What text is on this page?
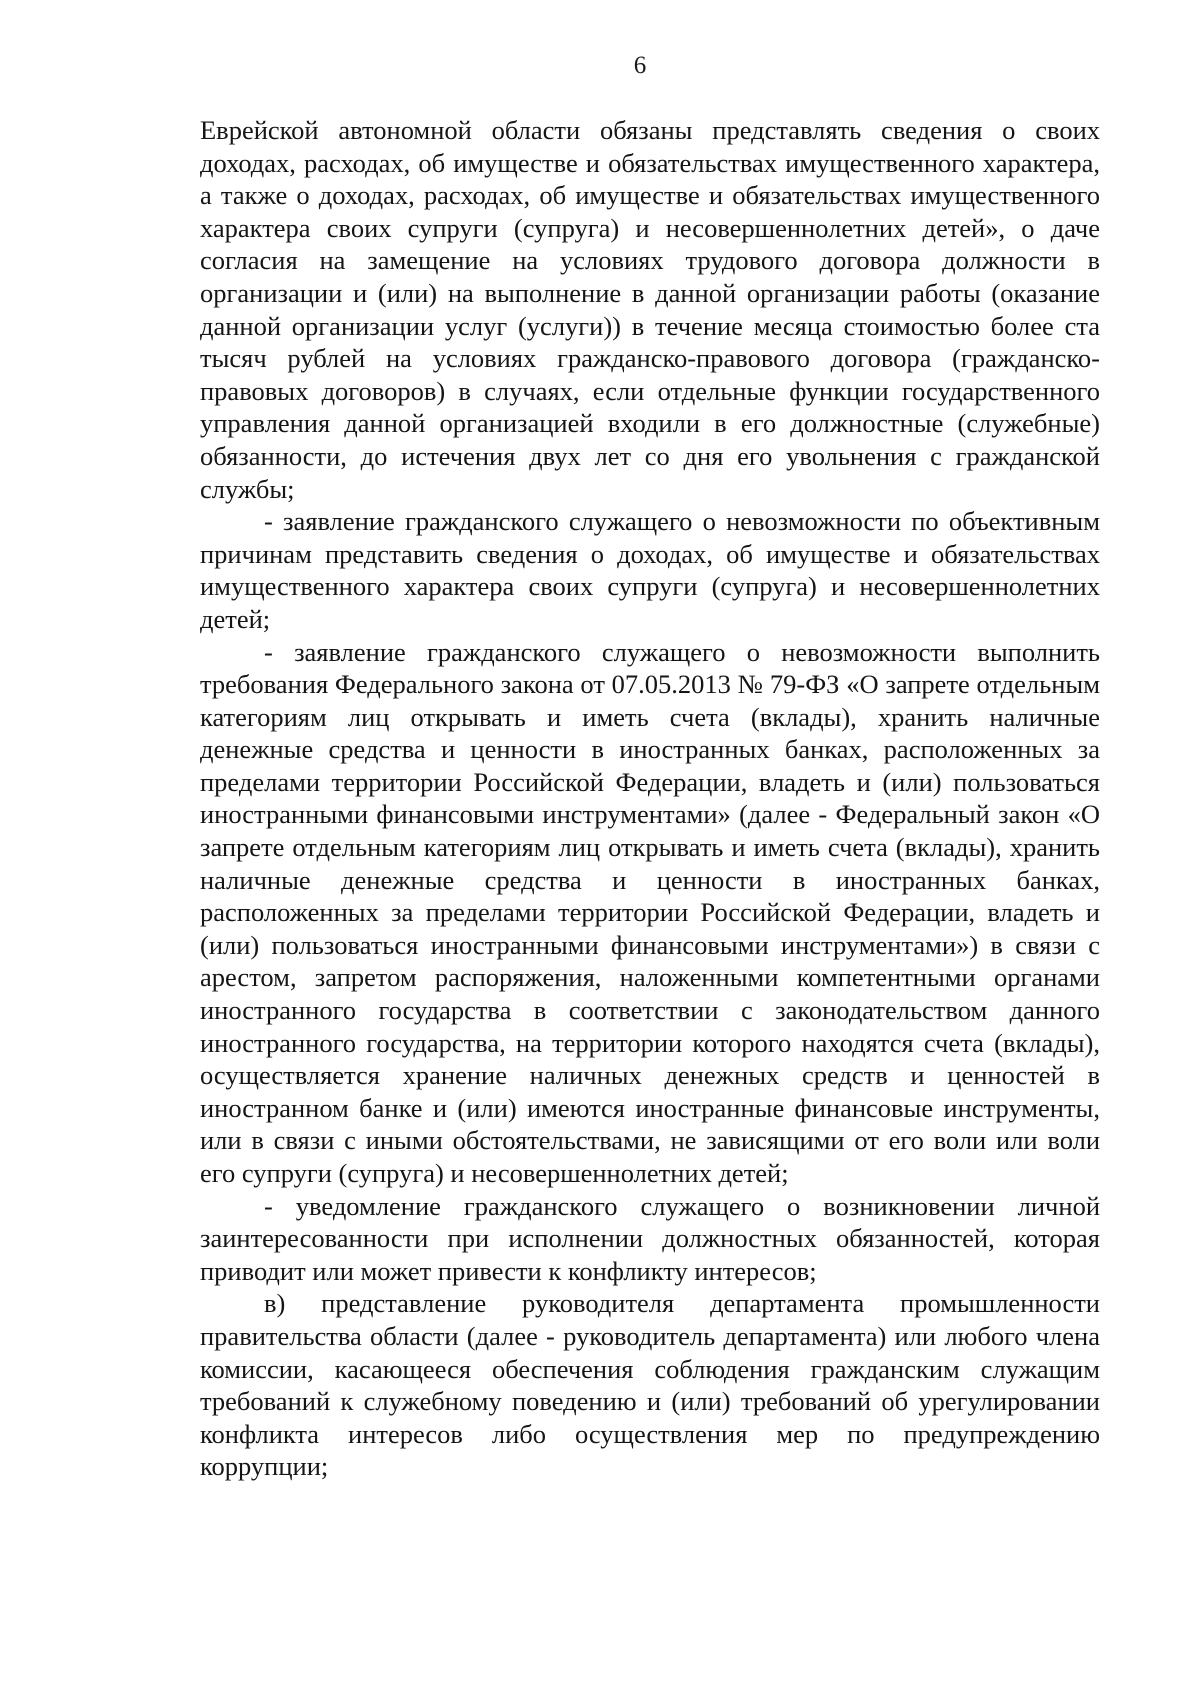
6

Еврейской автономной области обязаны представлять сведения о своих доходах, расходах, об имуществе и обязательствах имущественного характера, а также о доходах, расходах, об имуществе и обязательствах имущественного характера своих супруги (супруга) и несовершеннолетних детей», о даче согласия на замещение на условиях трудового договора должности в организации и (или) на выполнение в данной организации работы (оказание данной организации услуг (услуги)) в течение месяца стоимостью более ста тысяч рублей на условиях гражданско-правового договора (гражданско-правовых договоров) в случаях, если отдельные функции государственного управления данной организацией входили в его должностные (служебные) обязанности, до истечения двух лет со дня его увольнения с гражданской службы;

- заявление гражданского служащего о невозможности по объективным причинам представить сведения о доходах, об имуществе и обязательствах имущественного характера своих супруги (супруга) и несовершеннолетних детей;

- заявление гражданского служащего о невозможности выполнить требования Федерального закона от 07.05.2013 № 79-ФЗ «О запрете отдельным категориям лиц открывать и иметь счета (вклады), хранить наличные денежные средства и ценности в иностранных банках, расположенных за пределами территории Российской Федерации, владеть и (или) пользоваться иностранными финансовыми инструментами» (далее - Федеральный закон «О запрете отдельным категориям лиц открывать и иметь счета (вклады), хранить наличные денежные средства и ценности в иностранных банках, расположенных за пределами территории Российской Федерации, владеть и (или) пользоваться иностранными финансовыми инструментами») в связи с арестом, запретом распоряжения, наложенными компетентными органами иностранного государства в соответствии с законодательством данного иностранного государства, на территории которого находятся счета (вклады), осуществляется хранение наличных денежных средств и ценностей в иностранном банке и (или) имеются иностранные финансовые инструменты, или в связи с иными обстоятельствами, не зависящими от его воли или воли его супруги (супруга) и несовершеннолетних детей;

- уведомление гражданского служащего о возникновении личной заинтересованности при исполнении должностных обязанностей, которая приводит или может привести к конфликту интересов;

в) представление руководителя департамента промышленности правительства области (далее - руководитель департамента) или любого члена комиссии, касающееся обеспечения соблюдения гражданским служащим требований к служебному поведению и (или) требований об урегулировании конфликта интересов либо осуществления мер по предупреждению коррупции;
